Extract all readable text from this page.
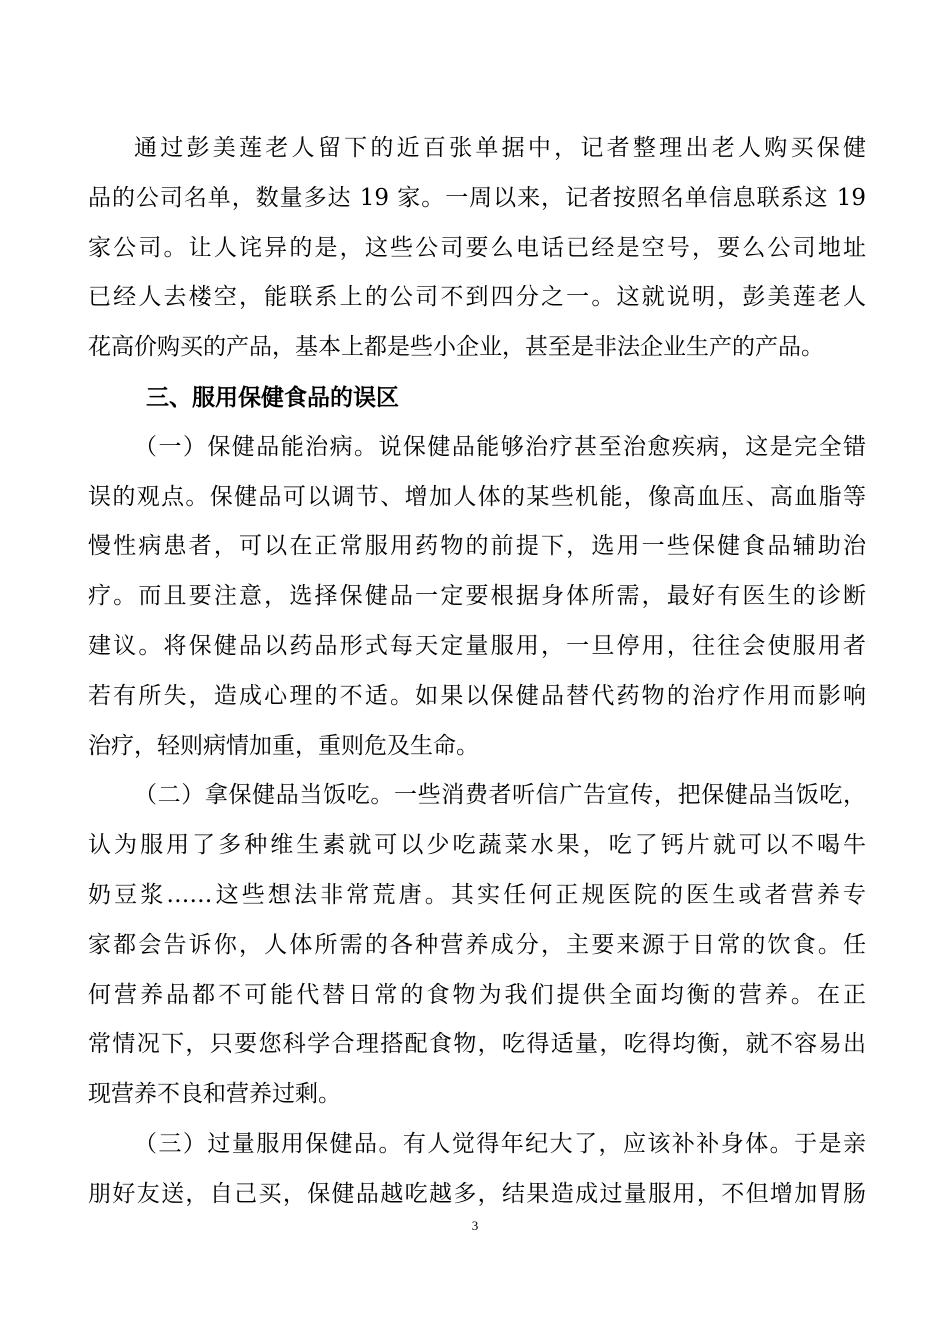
通过彭美莲老人留下的近百张单据中，记者整理出老人购买保健
品的公司名单，数量多达 19 家。一周以来，记者按照名单信息联系这 19
家公司。让人诧异的是，这些公司要么电话已经是空号，要么公司地址
已经人去楼空，能联系上的公司不到四分之一。这就说明，彭美莲老人
花高价购买的产品，基本上都是些小企业，甚至是非法企业生产的产品。
三、服用保健食品的误区
（一）保健品能治病。说保健品能够治疗甚至治愈疾病，这是完全错
误的观点。保健品可以调节、增加人体的某些机能，像高血压、高血脂等
慢性病患者，可以在正常服用药物的前提下，选用一些保健食品辅助治
疗。而且要注意，选择保健品一定要根据身体所需，最好有医生的诊断
建议。将保健品以药品形式每天定量服用，一旦停用，往往会使服用者
若有所失，造成心理的不适。如果以保健品替代药物的治疗作用而影响
治疗，轻则病情加重，重则危及生命。
（二）拿保健品当饭吃。一些消费者听信广告宣传，把保健品当饭吃，
认为服用了多种维生素就可以少吃蔬菜水果，吃了钙片就可以不喝牛
奶豆浆……这些想法非常荒唐。其实任何正规医院的医生或者营养专
家都会告诉你，人体所需的各种营养成分，主要来源于日常的饮食。任
何营养品都不可能代替日常的食物为我们提供全面均衡的营养。在正
常情况下，只要您科学合理搭配食物，吃得适量，吃得均衡，就不容易出
现营养不良和营养过剩。
（三）过量服用保健品。有人觉得年纪大了，应该补补身体。于是亲
朋好友送，自己买，保健品越吃越多，结果造成过量服用，不但增加胃肠
3
